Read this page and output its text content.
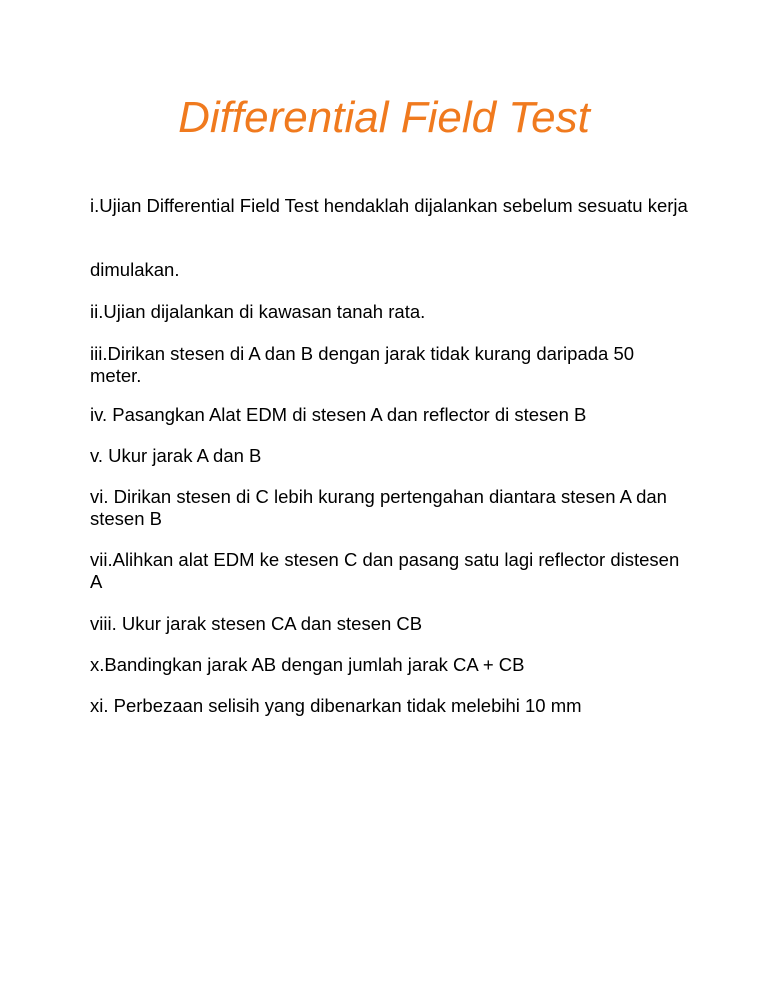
Differential Field Test

i.Ujian Differential Field Test hendaklah dijalankan sebelum sesuatu kerja

dimulakan.

ii.Ujian dijalankan di kawasan tanah rata.

iii.Dirikan stesen di A dan B dengan jarak tidak kurang daripada 50 meter.

iv. Pasangkan Alat EDM di stesen A dan reflector di stesen B

v. Ukur jarak A dan B

vi. Dirikan stesen di C lebih kurang pertengahan diantara stesen A dan stesen B

vii.Alihkan alat EDM ke stesen C dan pasang satu lagi reflector distesen A

viii. Ukur jarak stesen CA dan stesen CB

x.Bandingkan jarak AB dengan jumlah jarak CA + CB

xi. Perbezaan selisih yang dibenarkan tidak melebihi 10 mm
